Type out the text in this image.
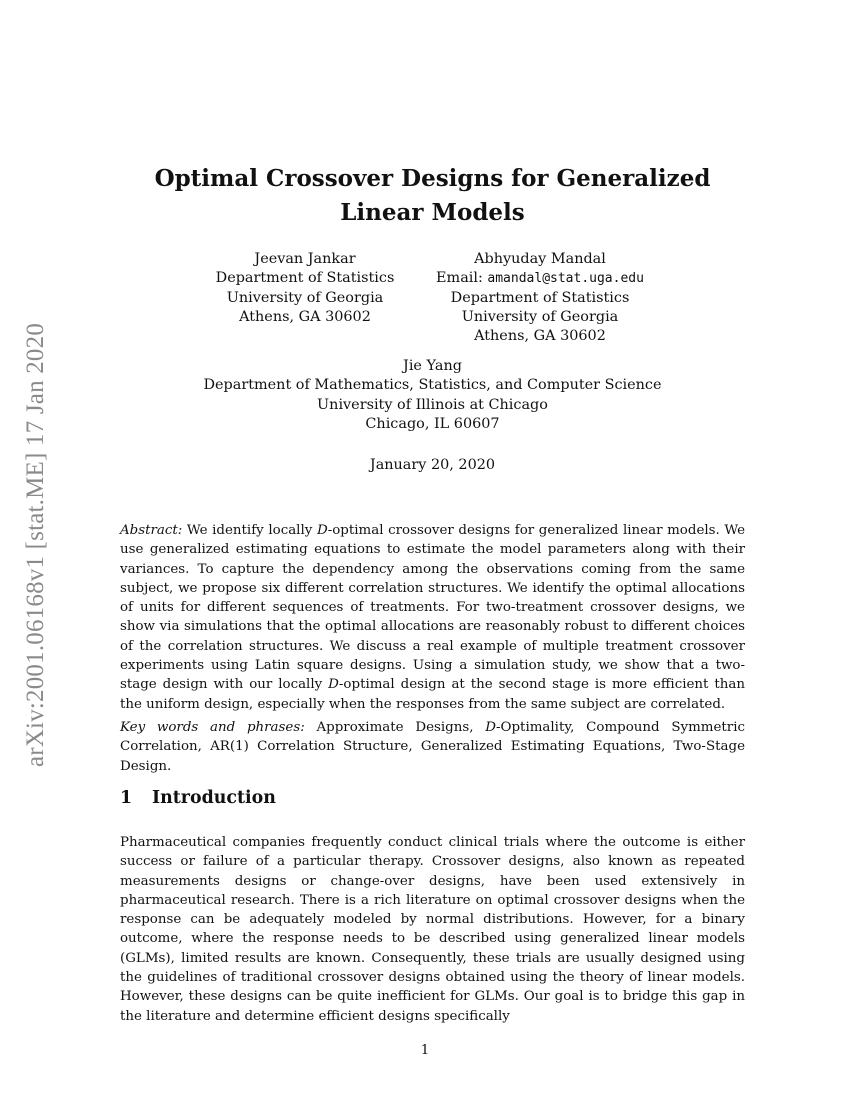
arXiv:2001.06168v1 [stat.ME] 17 Jan 2020
Optimal Crossover Designs for Generalized Linear Models
Jeevan Jankar
Department of Statistics
University of Georgia
Athens, GA 30602
Abhyuday Mandal
Email: amandal@stat.uga.edu
Department of Statistics
University of Georgia
Athens, GA 30602
Jie Yang
Department of Mathematics, Statistics, and Computer Science
University of Illinois at Chicago
Chicago, IL 60607
January 20, 2020
Abstract: We identify locally D-optimal crossover designs for generalized linear models. We use generalized estimating equations to estimate the model parameters along with their variances. To capture the dependency among the observations coming from the same subject, we propose six different correlation structures. We identify the optimal allocations of units for different sequences of treatments. For two-treatment crossover designs, we show via simulations that the optimal allocations are reasonably robust to different choices of the correlation structures. We discuss a real example of multiple treatment crossover experiments using Latin square designs. Using a simulation study, we show that a two-stage design with our locally D-optimal design at the second stage is more efficient than the uniform design, especially when the responses from the same subject are correlated.
Key words and phrases: Approximate Designs, D-Optimality, Compound Symmetric Correlation, AR(1) Correlation Structure, Generalized Estimating Equations, Two-Stage Design.
1 Introduction
Pharmaceutical companies frequently conduct clinical trials where the outcome is either success or failure of a particular therapy. Crossover designs, also known as repeated measurements designs or change-over designs, have been used extensively in pharmaceutical research. There is a rich literature on optimal crossover designs when the response can be adequately modeled by normal distributions. However, for a binary outcome, where the response needs to be described using generalized linear models (GLMs), limited results are known. Consequently, these trials are usually designed using the guidelines of traditional crossover designs obtained using the theory of linear models. However, these designs can be quite inefficient for GLMs. Our goal is to bridge this gap in the literature and determine efficient designs specifically
1
